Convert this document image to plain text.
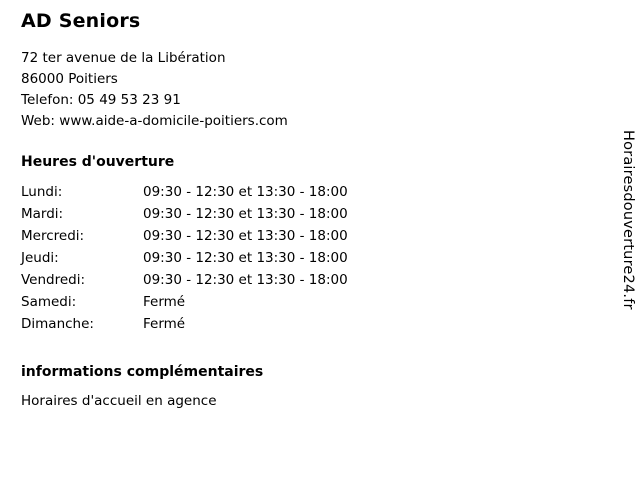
AD Seniors
72 ter avenue de la Libération
86000 Poitiers
Telefon: 05 49 53 23 91
Web: www.aide-a-domicile-poitiers.com
Heures d'ouverture
Lundi:	09:30 - 12:30 et 13:30 - 18:00
Mardi:	09:30 - 12:30 et 13:30 - 18:00
Mercredi:	09:30 - 12:30 et 13:30 - 18:00
Jeudi:	09:30 - 12:30 et 13:30 - 18:00
Vendredi:	09:30 - 12:30 et 13:30 - 18:00
Samedi:	Fermé
Dimanche:	Fermé
informations complémentaires
Horaires d'accueil en agence
Horairesdouverture24.fr
